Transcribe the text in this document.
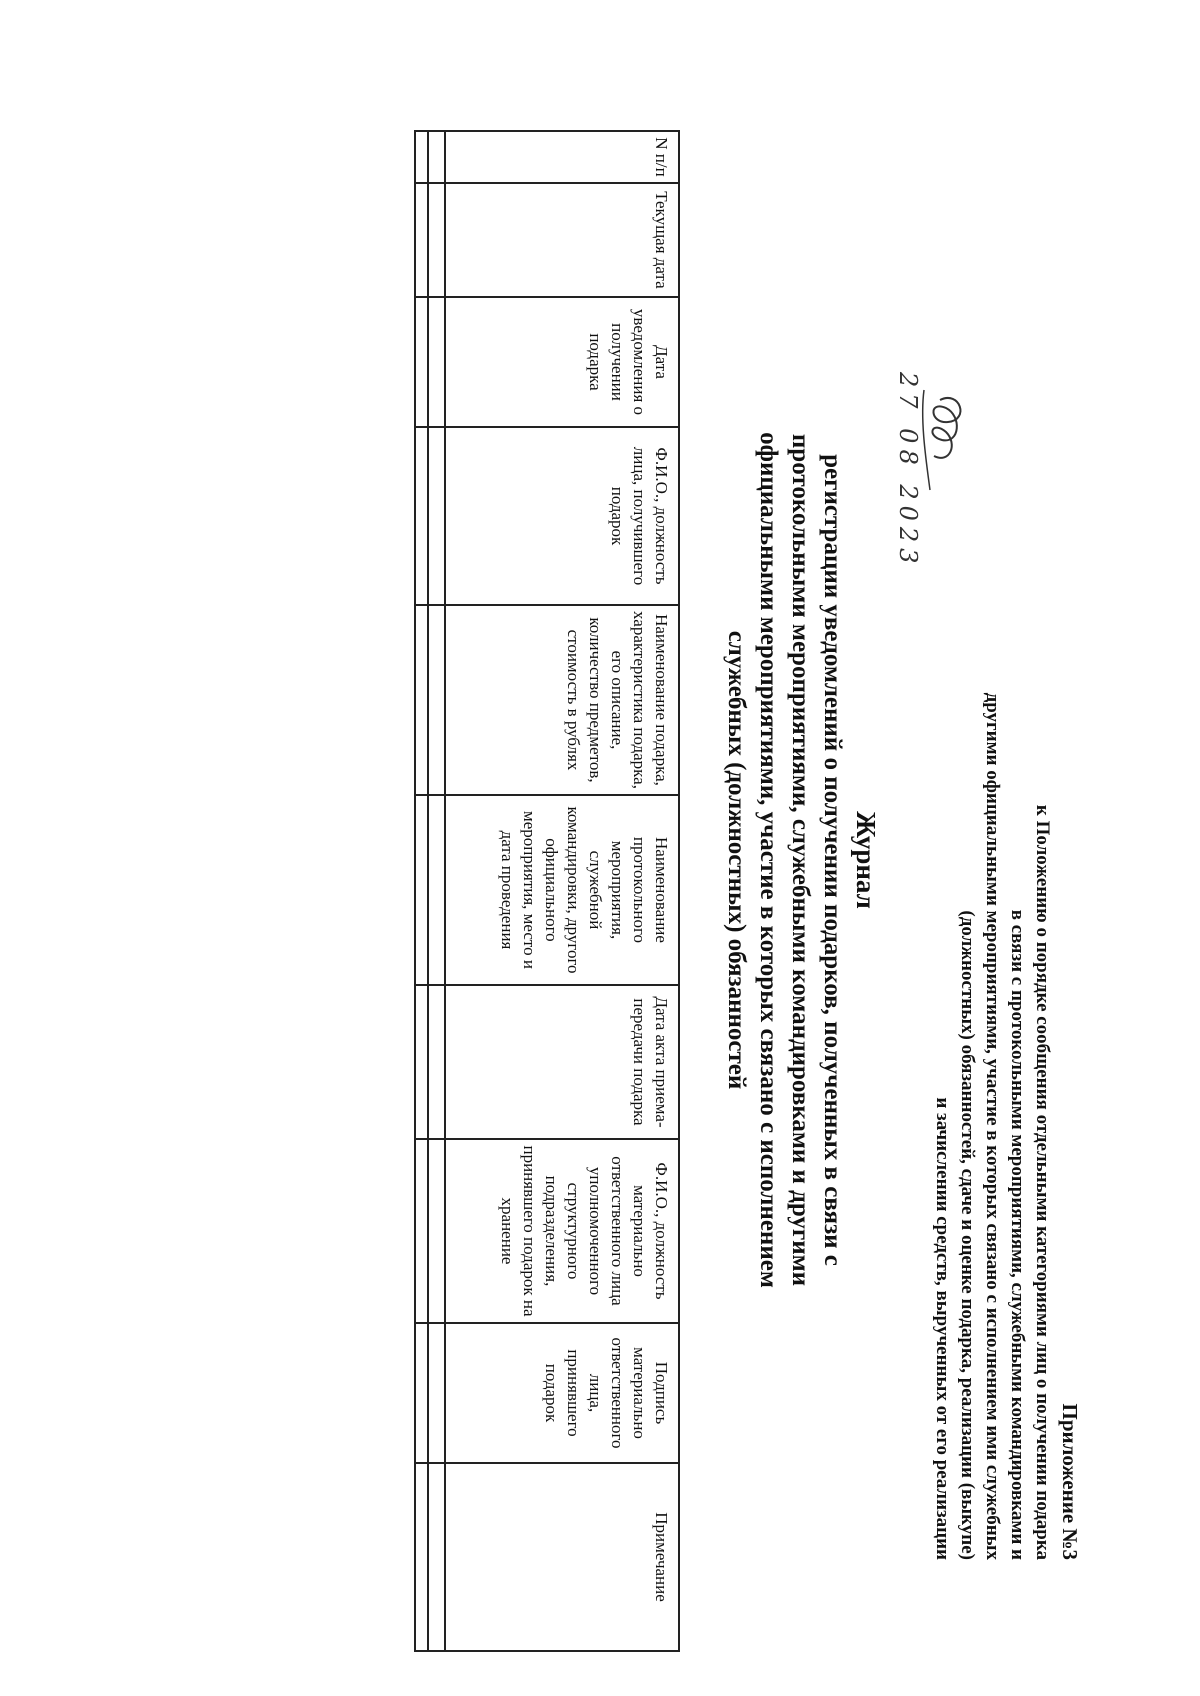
Приложение №3
к Положению о порядке сообщения отдельными категориями лиц о получении подарка
в связи с протокольными мероприятиями, служебными командировками и
другими официальными мероприятиями, участие в которых связано с исполнением ими служебных
(должностных) обязанностей, сдаче и оценке подарка, реализации (выкупе)
и зачислении средств, вырученных от его реализации
Журнал
регистрации уведомлений о получении подарков, полученных в связи с
протокольными мероприятиями, служебными командировками и другими
официальными мероприятиями, участие в которых связано с исполнением
служебных (должностных) обязанностей
N п/п	Текущая дата	Дата уведомления о получении подарка	Ф.И.О., должность лица, получившего подарок	Наименование подарка, характеристика подарка, его описание, количество предметов, стоимость в рублях	Наименование протокольного мероприятия, служебной командировки, другого официального мероприятия, место и дата проведения	Дата акта приема-передачи подарка	Ф.И.О., должность материально ответственного лица уполномоченного структурного подразделения, принявшего подарок на хранение	Подпись материально ответственного лица, принявшего подарок	Примечание

27 08 2023
